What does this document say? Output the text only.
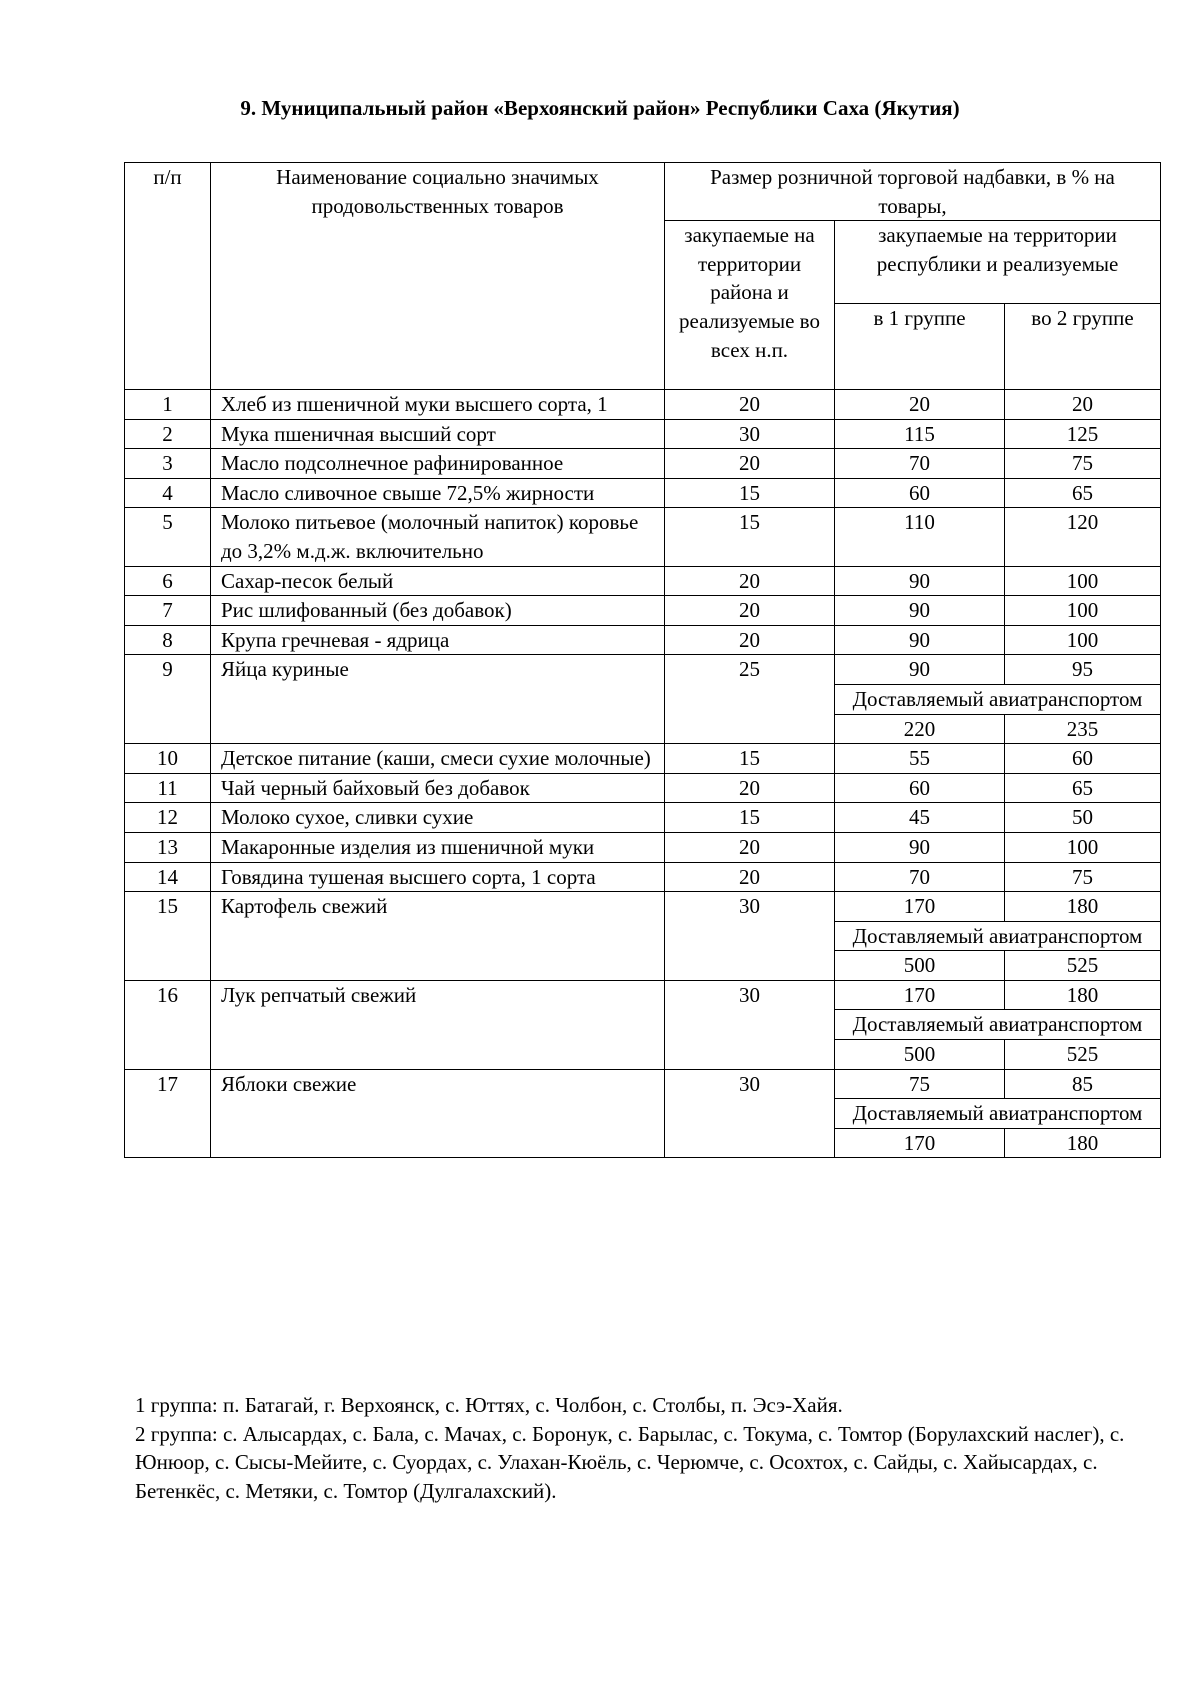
9. Муниципальный район «Верхоянский район» Республики Саха (Якутия)
п/п	Наименование социально значимых продовольственных товаров	Размер розничной торговой надбавки, в % на товары,		
		закупаемые на территории района и реализуемые во всех н.п.	закупаемые на территории республики и реализуемые	
			в 1 группе	во 2 группе
1	Хлеб из пшеничной муки высшего сорта, 1	20	20	20
2	Мука пшеничная высший сорт	30	115	125
3	Масло подсолнечное рафинированное	20	70	75
4	Масло сливочное свыше 72,5% жирности	15	60	65
5	Молоко питьевое (молочный напиток) коровье до 3,2% м.д.ж. включительно	15	110	120
6	Сахар-песок белый	20	90	100
7	Рис шлифованный (без добавок)	20	90	100
8	Крупа гречневая - ядрица	20	90	100
9	Яйца куриные	25	90	95
			Доставляемый авиатранспортом	

			220	235
10	Детское питание (каши, смеси сухие молочные)	15	55	60
11	Чай черный байховый без добавок	20	60	65
12	Молоко сухое, сливки сухие	15	45	50
13	Макаронные изделия из пшеничной муки	20	90	100
14	Говядина тушеная высшего сорта, 1 сорта	20	70	75
15	Картофель свежий	30	170	180
			Доставляемый авиатранспортом	

			500	525
16	Лук репчатый свежий	30	170	180
			Доставляемый авиатранспортом	

			500	525
17	Яблоки свежие	30	75	85
			Доставляемый авиатранспортом	

			170	180
1 группа: п. Батагай, г. Верхоянск, с. Юттях, с. Чолбон, с. Столбы, п. Эсэ-Хайя.
2 группа: с. Алысардах, с. Бала, с. Мачах, с. Боронук, с. Барылас, с. Токума, с. Томтор (Борулахский наслег), с. Юнюор, с. Сысы-Мейите, с. Суордах, с. Улахан-Кюёль, с. Черюмче, с. Осохтох, с. Сайды, с. Хайысардах, с. Бетенкёс, с. Метяки, с. Томтор (Дулгалахский).
